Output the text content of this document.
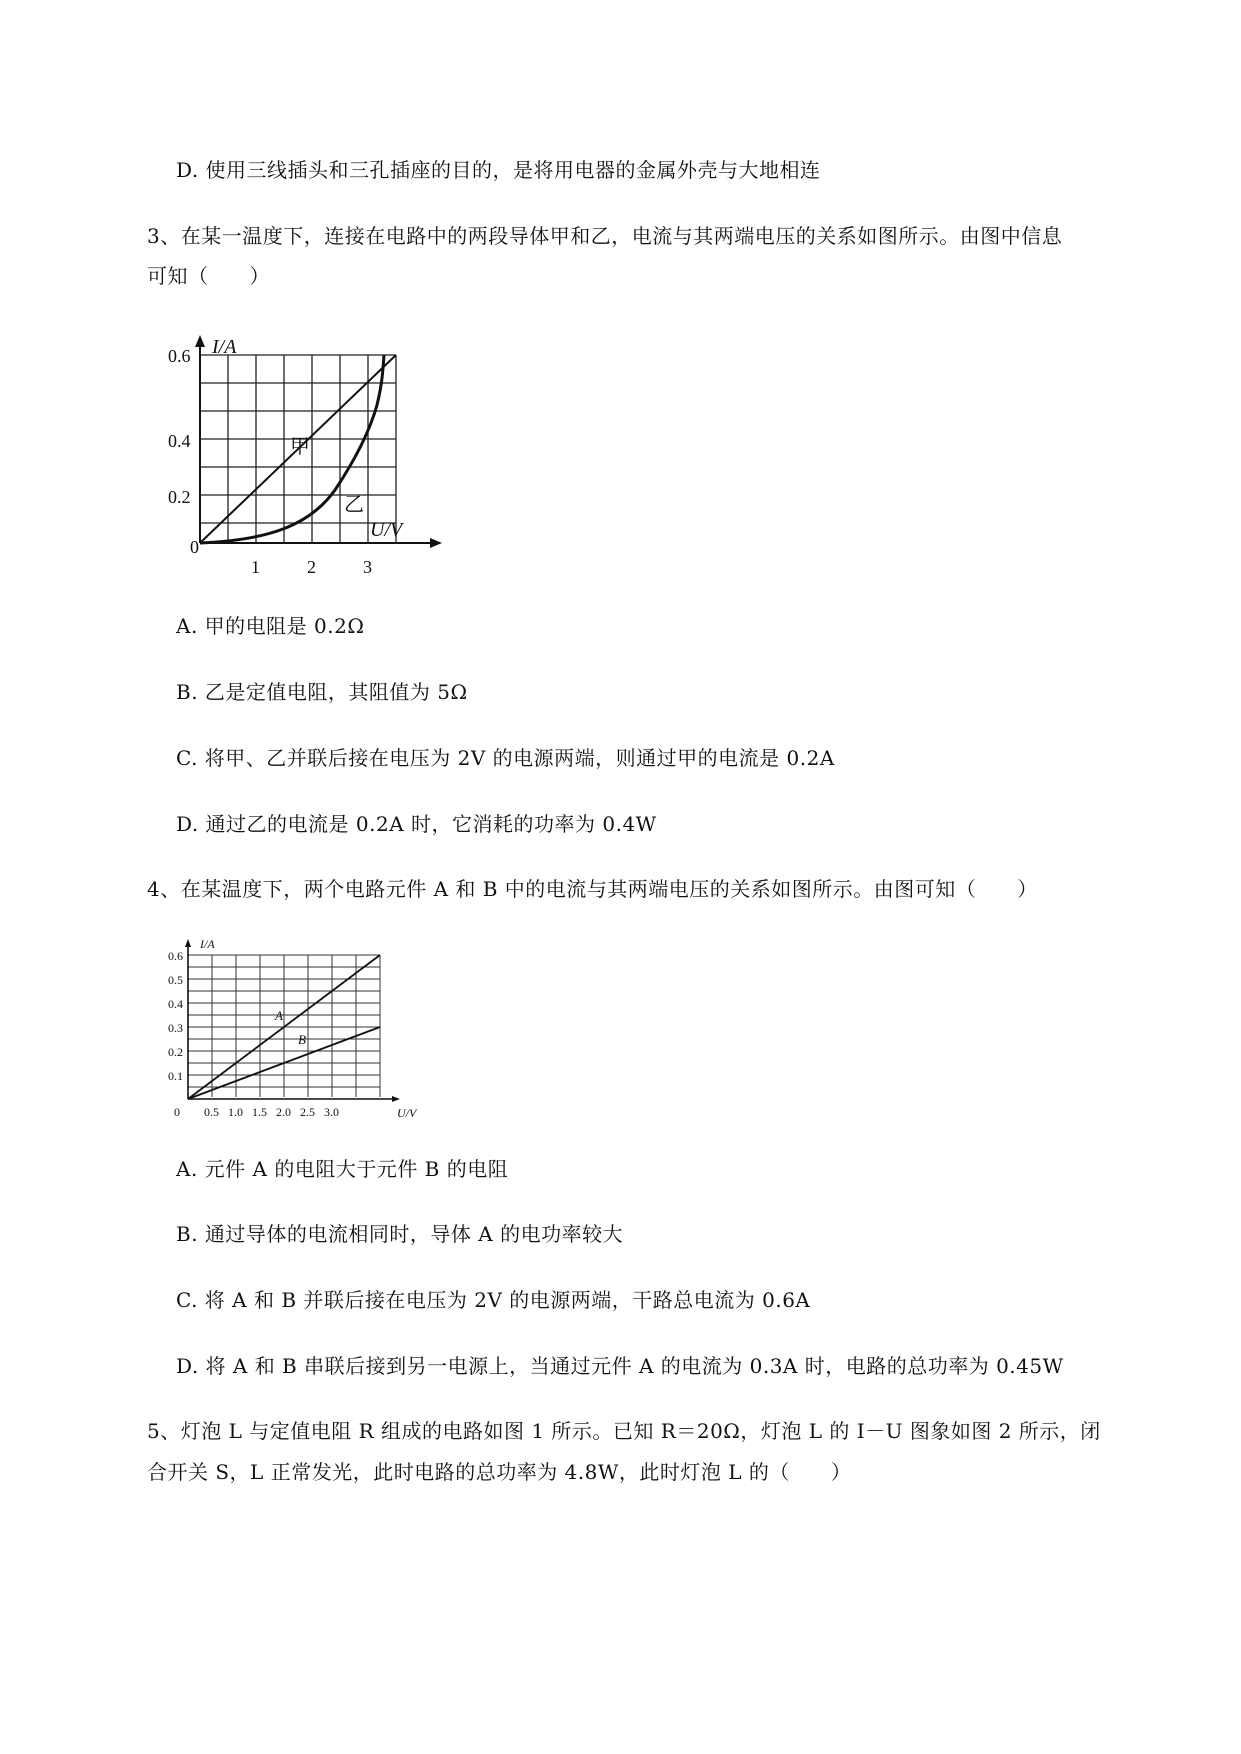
D. 使用三线插头和三孔插座的目的，是将用电器的金属外壳与大地相连
3、在某一温度下，连接在电路中的两段导体甲和乙，电流与其两端电压的关系如图所示。由图中信息
可知（　　）
I/A
U/V
0.6
0.4
0.2
0
1	2	3
甲
乙
A. 甲的电阻是 0.2Ω
B. 乙是定值电阻，其阻值为 5Ω
C. 将甲、乙并联后接在电压为 2V 的电源两端，则通过甲的电流是 0.2A
D. 通过乙的电流是 0.2A 时，它消耗的功率为 0.4W
4、在某温度下，两个电路元件 A 和 B 中的电流与其两端电压的关系如图所示。由图可知（　　）
I/A
U/V
0.6
0.5
0.4
0.3
0.2
0.1
0 0.5 1.0 1.5 2.0 2.5 3.0
A
B
A. 元件 A 的电阻大于元件 B 的电阻
B. 通过导体的电流相同时，导体 A 的电功率较大
C. 将 A 和 B 并联后接在电压为 2V 的电源两端，干路总电流为 0.6A
D. 将 A 和 B 串联后接到另一电源上，当通过元件 A 的电流为 0.3A 时，电路的总功率为 0.45W
5、灯泡 L 与定值电阻 R 组成的电路如图 1 所示。已知 R＝20Ω，灯泡 L 的 I－U 图象如图 2 所示，闭
合开关 S，L 正常发光，此时电路的总功率为 4.8W，此时灯泡 L 的（　　）
